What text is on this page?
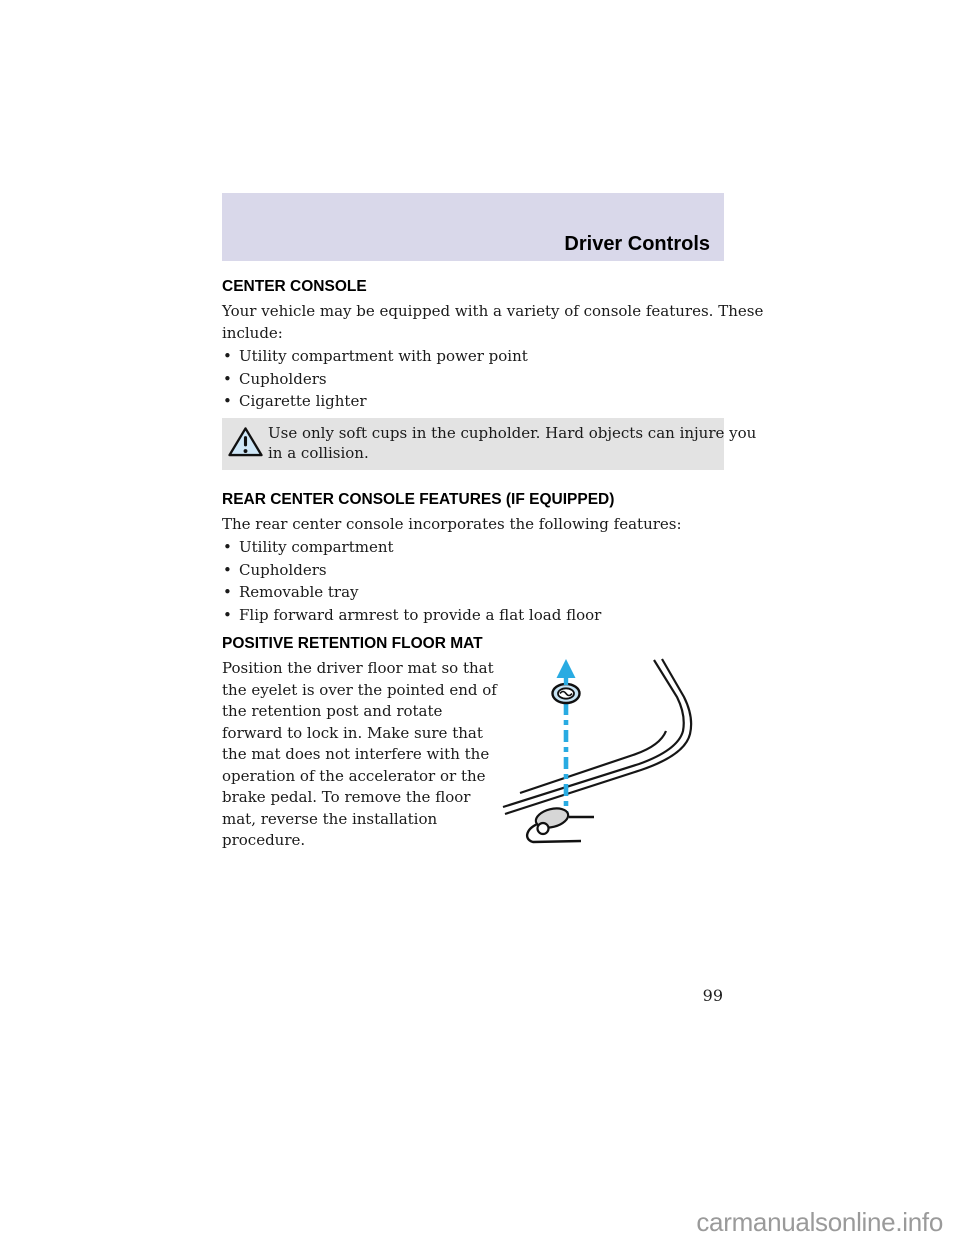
Driver Controls
CENTER CONSOLE
Your vehicle may be equipped with a variety of console features. These
include:
• Utility compartment with power point
• Cupholders
• Cigarette lighter
Use only soft cups in the cupholder. Hard objects can injure you
in a collision.
REAR CENTER CONSOLE FEATURES (IF EQUIPPED)
The rear center console incorporates the following features:
• Utility compartment
• Cupholders
• Removable tray
• Flip forward armrest to provide a flat load floor
POSITIVE RETENTION FLOOR MAT
Position the driver floor mat so that
the eyelet is over the pointed end of
the retention post and rotate
forward to lock in. Make sure that
the mat does not interfere with the
operation of the accelerator or the
brake pedal. To remove the floor
mat, reverse the installation
procedure.
99
carmanualsonline.info
